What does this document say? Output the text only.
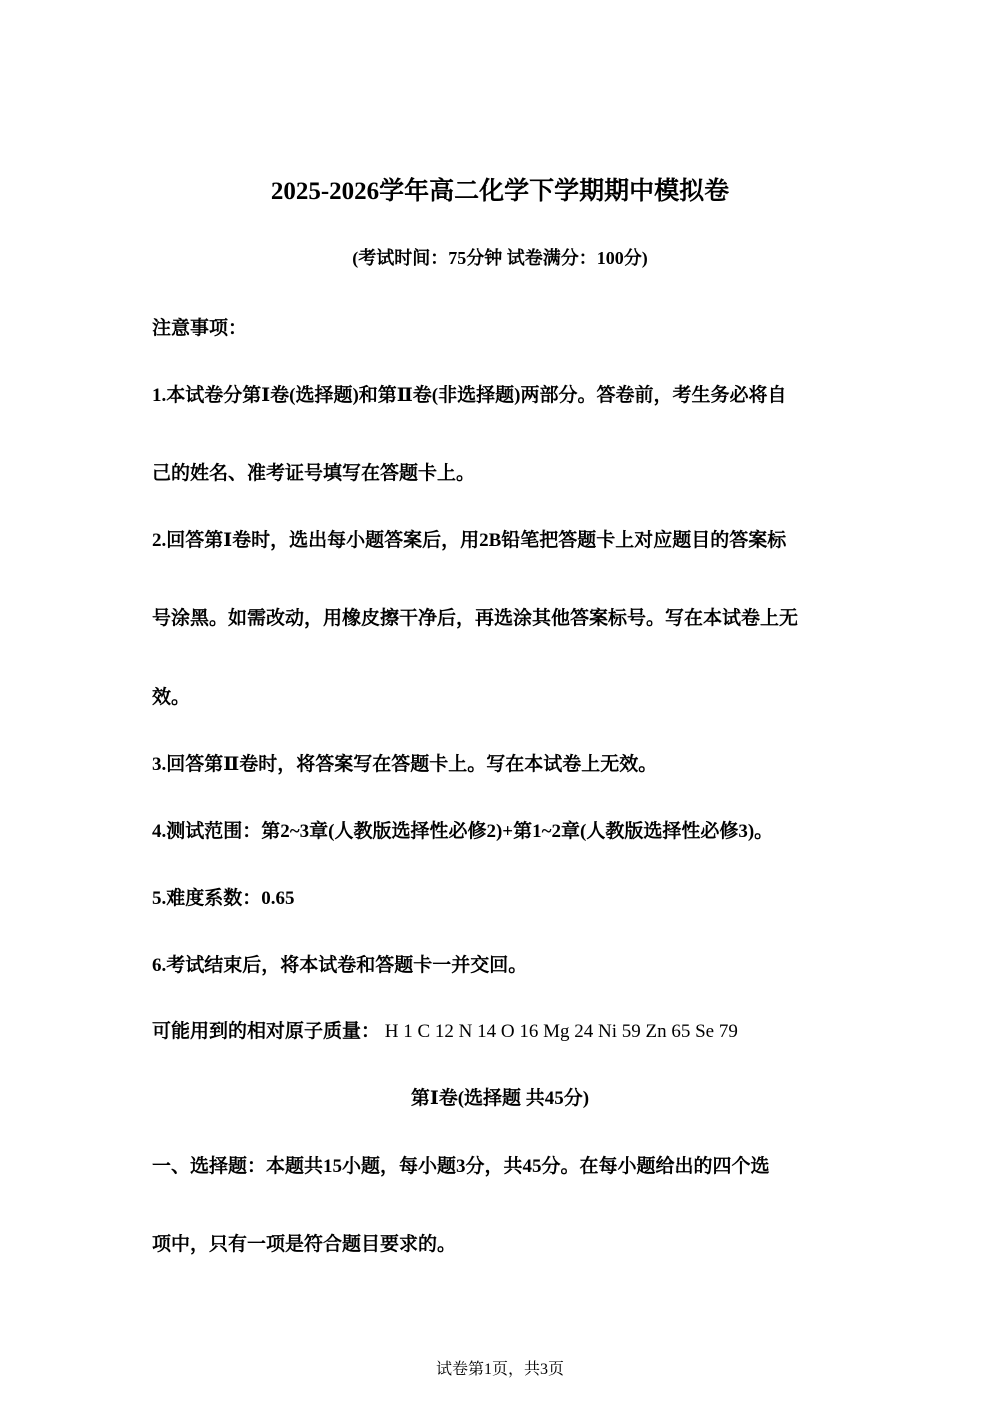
2025-2026学年高二化学下学期期中模拟卷
(考试时间：75分钟 试卷满分：100分)
注意事项：
1.本试卷分第Ⅰ卷(选择题)和第Ⅱ卷(非选择题)两部分。答卷前，考生务必将自
己的姓名、准考证号填写在答题卡上。
2.回答第Ⅰ卷时，选出每小题答案后，用2B铅笔把答题卡上对应题目的答案标
号涂黑。如需改动，用橡皮擦干净后，再选涂其他答案标号。写在本试卷上无
效。
3.回答第Ⅱ卷时，将答案写在答题卡上。写在本试卷上无效。
4.测试范围：第2~3章(人教版选择性必修2)+第1~2章(人教版选择性必修3)。
5.难度系数：0.65
6.考试结束后，将本试卷和答题卡一并交回。
可能用到的相对原子质量： H 1 C 12 N 14 O 16 Mg 24 Ni 59 Zn 65 Se 79
第Ⅰ卷(选择题 共45分)
一、选择题：本题共15小题，每小题3分，共45分。在每小题给出的四个选
项中，只有一项是符合题目要求的。
试卷第1页，共3页
